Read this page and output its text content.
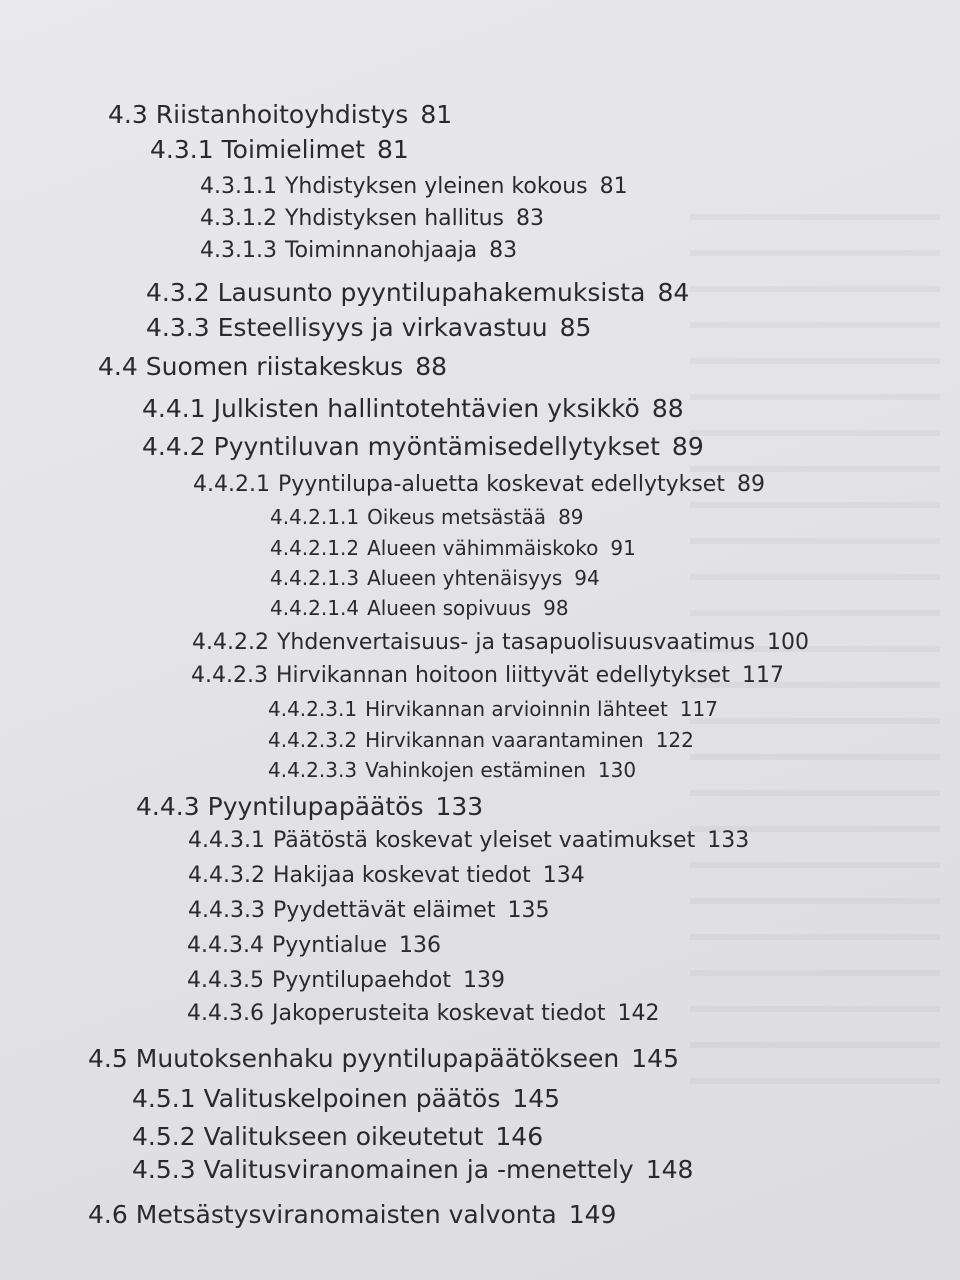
4.3 Riistanhoitoyhdistys 81
4.3.1 Toimielimet 81
4.3.1.1 Yhdistyksen yleinen kokous 81
4.3.1.2 Yhdistyksen hallitus 83
4.3.1.3 Toiminnanohjaaja 83
4.3.2 Lausunto pyyntilupahakemuksista 84
4.3.3 Esteellisyys ja virkavastuu 85
4.4 Suomen riistakeskus 88
4.4.1 Julkisten hallintotehtävien yksikkö 88
4.4.2 Pyyntiluvan myöntämisedellytykset 89
4.4.2.1 Pyyntilupa-aluetta koskevat edellytykset 89
4.4.2.1.1 Oikeus metsästää 89
4.4.2.1.2 Alueen vähimmäiskoko 91
4.4.2.1.3 Alueen yhtenäisyys 94
4.4.2.1.4 Alueen sopivuus 98
4.4.2.2 Yhdenvertaisuus- ja tasapuolisuusvaatimus 100
4.4.2.3 Hirvikannan hoitoon liittyvät edellytykset 117
4.4.2.3.1 Hirvikannan arvioinnin lähteet 117
4.4.2.3.2 Hirvikannan vaarantaminen 122
4.4.2.3.3 Vahinkojen estäminen 130
4.4.3 Pyyntilupapäätös 133
4.4.3.1 Päätöstä koskevat yleiset vaatimukset 133
4.4.3.2 Hakijaa koskevat tiedot 134
4.4.3.3 Pyydettävät eläimet 135
4.4.3.4 Pyyntialue 136
4.4.3.5 Pyyntilupaehdot 139
4.4.3.6 Jakoperusteita koskevat tiedot 142
4.5 Muutoksenhaku pyyntilupapäätökseen 145
4.5.1 Valituskelpoinen päätös 145
4.5.2 Valitukseen oikeutetut 146
4.5.3 Valitusviranomainen ja -menettely 148
4.6 Metsästysviranomaisten valvonta 149
